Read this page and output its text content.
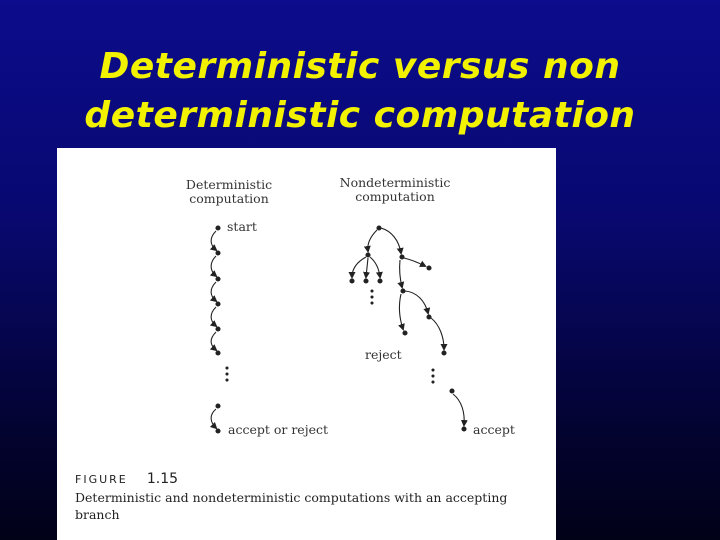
Deterministic versus non
deterministic computation
Deterministic
computation
Nondeterministic
computation
start
accept or reject
reject
accept
FIGURE 1.15
Deterministic and nondeterministic computations with an accepting branch
